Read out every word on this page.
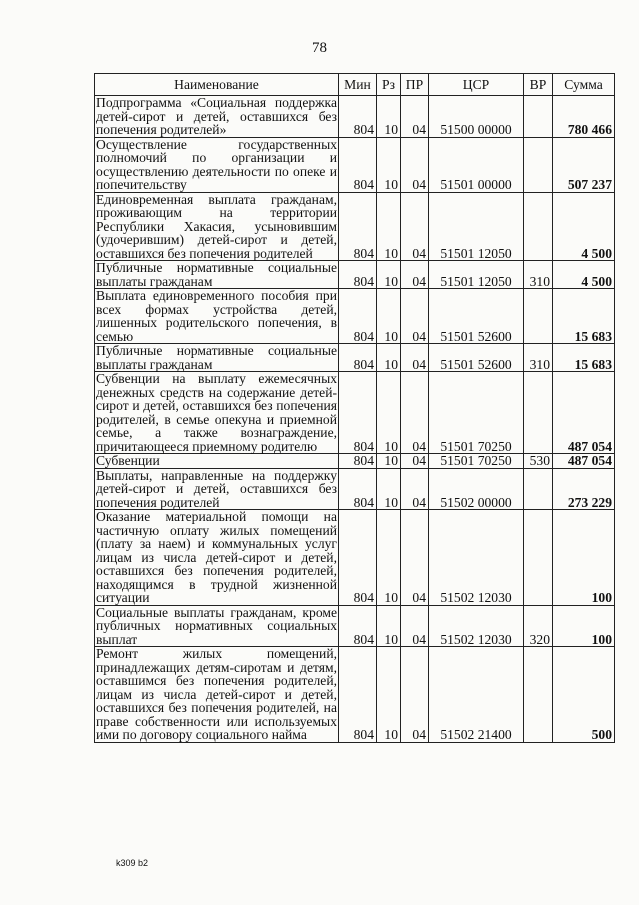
78
Наименование	Мин	Рз	ПР	ЦСР	ВР	Сумма
Подпрограмма «Социальная поддержка детей-сирот и детей, оставшихся без попечения родителей»	804	10	04	51500 00000		780 466
Осуществление государственных полномочий по организации и осуществлению деятельности по опеке и попечительству	804	10	04	51501 00000		507 237
Единовременная выплата гражданам, проживающим на территории Республики Хакасия, усыновившим (удочерившим) детей-сирот и детей, оставшихся без попечения родителей	804	10	04	51501 12050		4 500
Публичные нормативные социальные выплаты гражданам	804	10	04	51501 12050	310	4 500
Выплата единовременного пособия при всех формах устройства детей, лишенных родительского попечения, в семью	804	10	04	51501 52600		15 683
Публичные нормативные социальные выплаты гражданам	804	10	04	51501 52600	310	15 683
Субвенции на выплату ежемесячных денежных средств на содержание детей-сирот и детей, оставшихся без попечения родителей, в семье опекуна и приемной семье, а также вознаграждение, причитающееся приемному родителю	804	10	04	51501 70250		487 054
Субвенции	804	10	04	51501 70250	530	487 054
Выплаты, направленные на поддержку детей-сирот и детей, оставшихся без попечения родителей	804	10	04	51502 00000		273 229
Оказание материальной помощи на частичную оплату жилых помещений (плату за наем) и коммунальных услуг лицам из числа детей-сирот и детей, оставшихся без попечения родителей, находящимся в трудной жизненной ситуации	804	10	04	51502 12030		100
Социальные выплаты гражданам, кроме публичных нормативных социальных выплат	804	10	04	51502 12030	320	100
Ремонт жилых помещений, принадлежащих детям-сиротам и детям, оставшимся без попечения родителей, лицам из числа детей-сирот и детей, оставшихся без попечения родителей, на праве собственности или используемых ими по договору социального найма	804	10	04	51502 21400		500
k309 b2
